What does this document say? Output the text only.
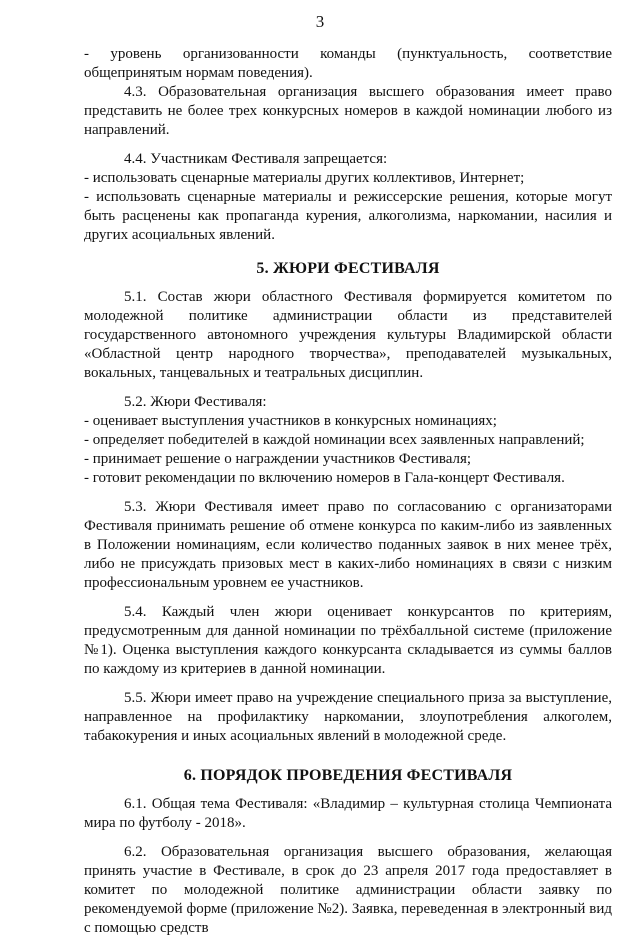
3

- уровень организованности команды (пунктуальность, соответствие общепринятым нормам поведения).

4.3. Образовательная организация высшего образования имеет право представить не более трех конкурсных номеров в каждой номинации любого из направлений.

4.4. Участникам Фестиваля запрещается:

- использовать сценарные материалы других коллективов, Интернет;

- использовать сценарные материалы и режиссерские решения, которые могут быть расценены как пропаганда курения, алкоголизма, наркомании, насилия и других асоциальных явлений.

5. ЖЮРИ ФЕСТИВАЛЯ

5.1. Состав жюри областного Фестиваля формируется комитетом по молодежной политике администрации области из представителей государственного автономного учреждения культуры Владимирской области «Областной центр народного творчества», преподавателей музыкальных, вокальных, танцевальных и театральных дисциплин.

5.2. Жюри Фестиваля:

- оценивает выступления участников в конкурсных номинациях;

- определяет победителей в каждой номинации всех заявленных направлений;

- принимает решение о награждении участников Фестиваля;

- готовит рекомендации по включению номеров в Гала-концерт Фестиваля.

5.3. Жюри Фестиваля имеет право по согласованию с организаторами Фестиваля принимать решение об отмене конкурса по каким-либо из заявленных в Положении номинациям, если количество поданных заявок в них менее трёх, либо не присуждать призовых мест в каких-либо номинациях в связи с низким профессиональным уровнем ее участников.

5.4. Каждый член жюри оценивает конкурсантов по критериям, предусмотренным для данной номинации по трёхбалльной системе (приложение №1). Оценка выступления каждого конкурсанта складывается из суммы баллов по каждому из критериев в данной номинации.

5.5. Жюри имеет право на учреждение специального приза за выступление, направленное на профилактику наркомании, злоупотребления алкоголем, табакокурения и иных асоциальных явлений в молодежной среде.

6. ПОРЯДОК ПРОВЕДЕНИЯ ФЕСТИВАЛЯ

6.1. Общая тема Фестиваля: «Владимир – культурная столица Чемпионата мира по футболу - 2018».

6.2. Образовательная организация высшего образования, желающая принять участие в Фестивале, в срок до 23 апреля 2017 года предоставляет в комитет по молодежной политике администрации области заявку по рекомендуемой форме (приложение №2). Заявка, переведенная в электронный вид с помощью средств
